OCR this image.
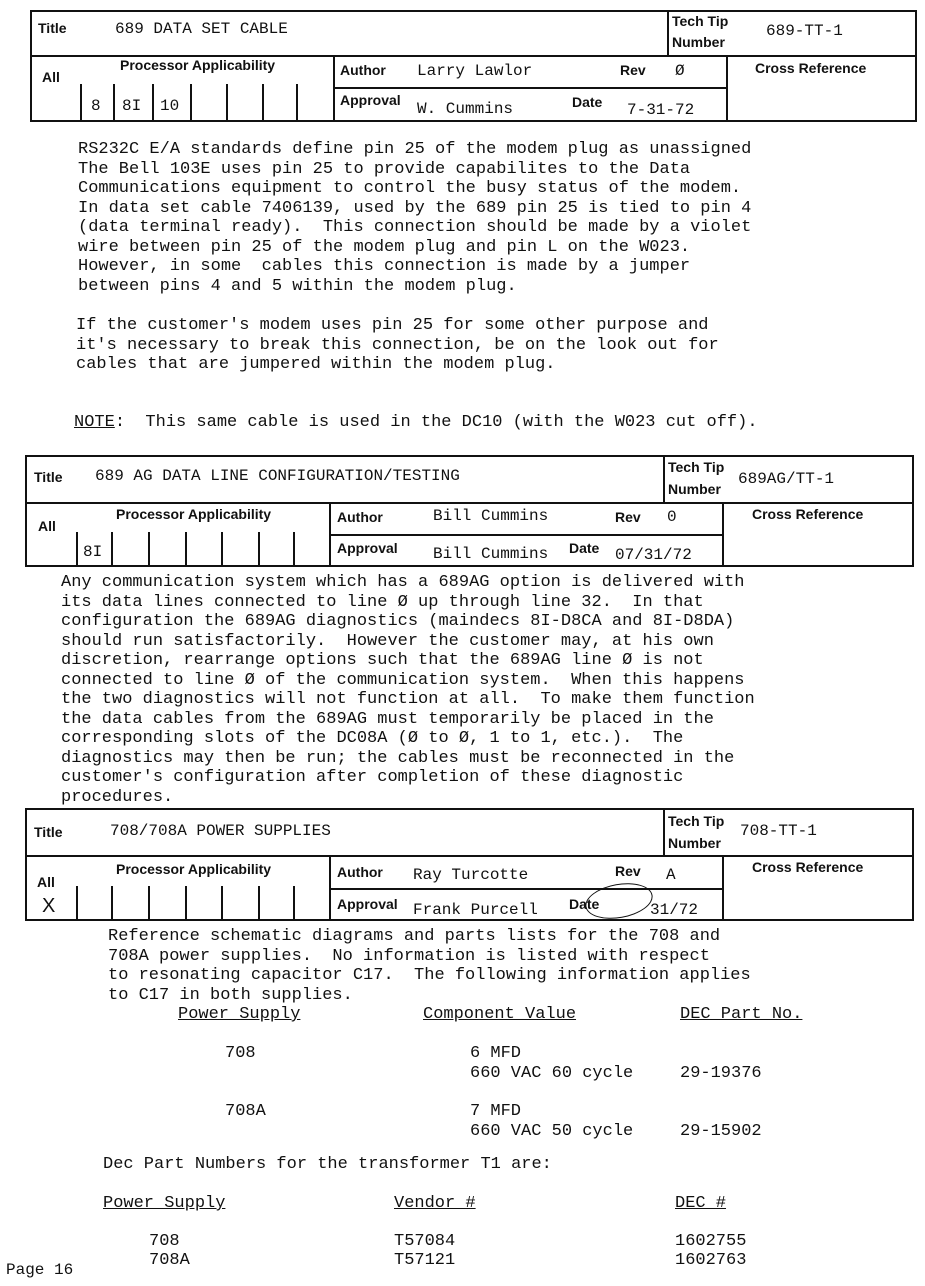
Title	689 DATA SET CABLE	Tech Tip
Number
689-TT-1
Processor Applicability
All
8 8I 10
Author Larry Lawlor	Rev Ø
Approval W. Cummins	Date 7-31-72
Cross Reference
RS232C E/A standards define pin 25 of the modem plug as unassigned
The Bell 103E uses pin 25 to provide capabilites to the Data
Communications equipment to control the busy status of the modem.
In data set cable 7406139, used by the 689 pin 25 is tied to pin 4
(data terminal ready).  This connection should be made by a violet
wire between pin 25 of the modem plug and pin L on the W023.
However, in some  cables this connection is made by a jumper
between pins 4 and 5 within the modem plug.
If the customer's modem uses pin 25 for some other purpose and
it's necessary to break this connection, be on the look out for
cables that are jumpered within the modem plug.
NOTE:  This same cable is used in the DC10 (with the W023 cut off).
Title 689 AG DATA LINE CONFIGURATION/TESTING	Tech Tip
Number
689AG/TT-1
Processor Applicability
All
8I
Author	Bill Cummins	Rev 0
Approval Bill Cummins Date 07/31/72
Cross Reference
Any communication system which has a 689AG option is delivered with
its data lines connected to line Ø up through line 32.  In that
configuration the 689AG diagnostics (maindecs 8I-D8CA and 8I-D8DA)
should run satisfactorily.  However the customer may, at his own
discretion, rearrange options such that the 689AG line Ø is not
connected to line Ø of the communication system.  When this happens
the two diagnostics will not function at all.  To make them function
the data cables from the 689AG must temporarily be placed in the
corresponding slots of the DC08A (Ø to Ø, 1 to 1, etc.).  The
diagnostics may then be run; the cables must be reconnected in the
customer's configuration after completion of these diagnostic
procedures.
Title	708/708A POWER SUPPLIES
Tech Tip
Number
708-TT-1
Processor Applicability
All
X
Author Ray Turcotte	Rev A
Approval Frank Purcell Date	31/72
Cross Reference
Reference schematic diagrams and parts lists for the 708 and
708A power supplies.  No information is listed with respect
to resonating capacitor C17.  The following information applies
to C17 in both supplies.
Power Supply	Component Value	DEC Part No.
708	6 MFD
660 VAC 60 cycle	29-19376
708A	7 MFD
660 VAC 50 cycle	29-15902
Dec Part Numbers for the transformer T1 are:
Power Supply	Vendor #	DEC #
708	T57084	1602755
708A	T57121	1602763
Page 16
